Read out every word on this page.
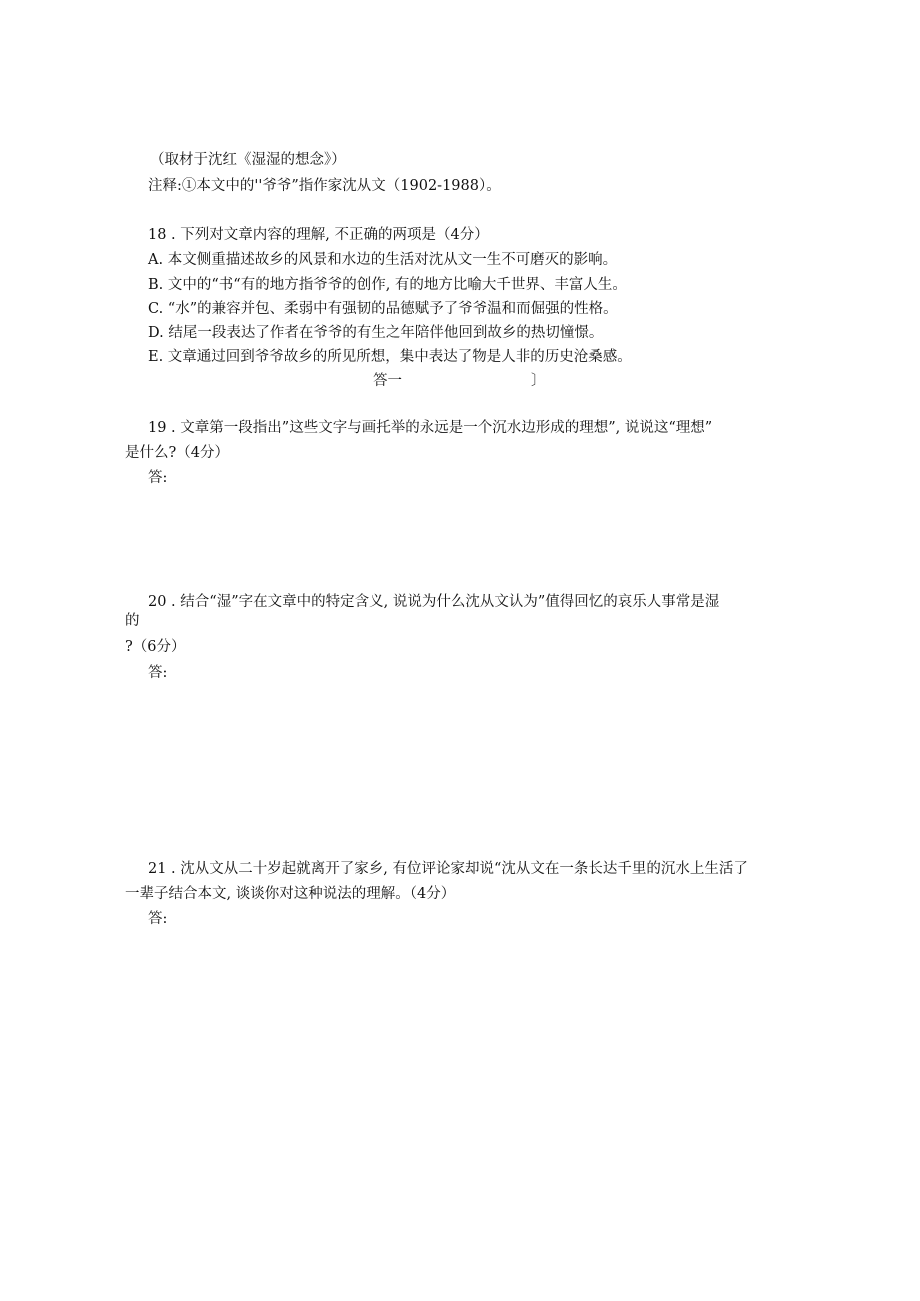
（取材于沈红《湿湿的想念》）
注释:①本文中的''爷爷”指作家沈从文（1902-1988）。
18 . 下列对文章内容的理解, 不正确的两项是（4分）
A. 本文侧重描述故乡的风景和水边的生活对沈从文一生不可磨灭的影响。
B. 文中的“书“有的地方指爷爷的创作, 有的地方比喻大千世界、丰富人生。
C. “水”的兼容并包、柔弱中有强韧的品德赋予了爷爷温和而倔强的性格。
D. 结尾一段表达了作者在爷爷的有生之年陪伴他回到故乡的热切憧憬。
E. 文章通过回到爷爷故乡的所见所想，集中表达了物是人非的历史沧桑感。
答一	〕
19 . 文章第一段指出”这些文字与画托举的永远是一个沉水边形成的理想”, 说说这“理想”
是什么?（4分）
答:
20 . 结合“湿”字在文章中的特定含义, 说说为什么沈从文认为”值得回忆的哀乐人事常是湿
的
?（6分）
答:
21 . 沈从文从二十岁起就离开了家乡, 有位评论家却说“沈从文在一条长达千里的沉水上生活了
一辈子结合本文, 谈谈你对这种说法的理解。（4分）
答:
